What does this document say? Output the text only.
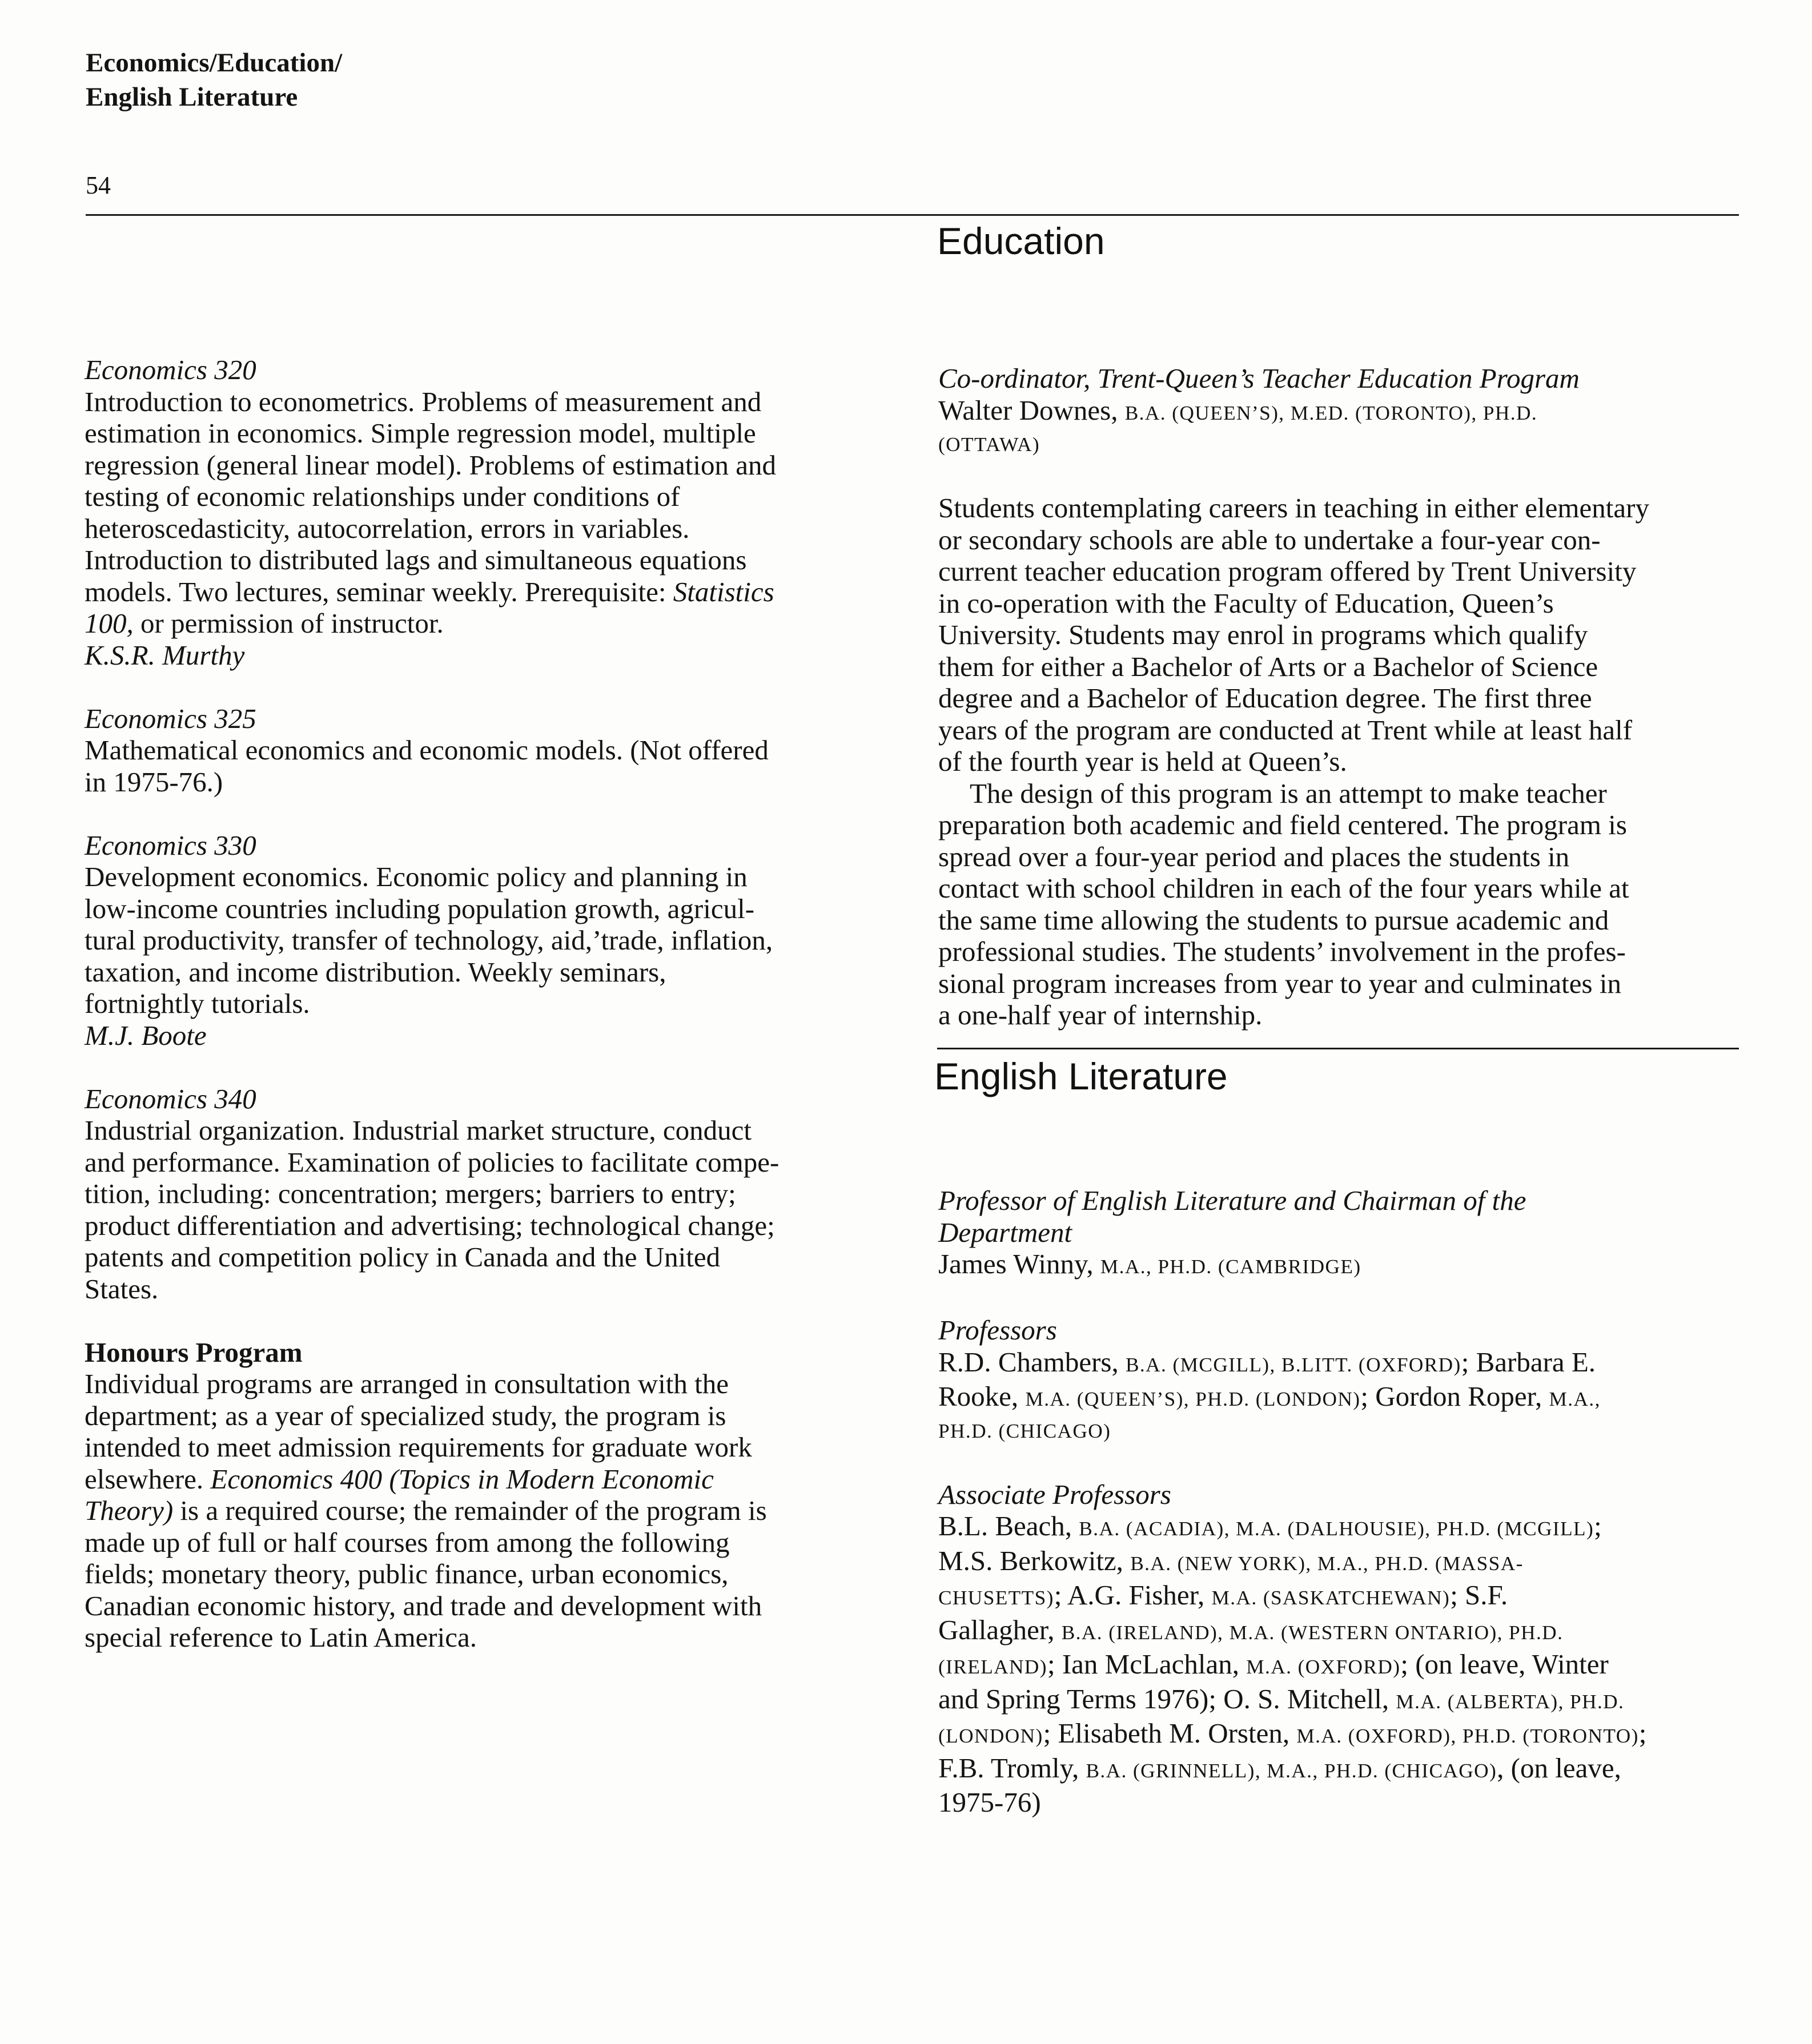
Economics/Education/
English Literature
54
Education

Economics 320

Introduction to econometrics. Problems of measurement and

estimation in economics. Simple regression model, multiple

regression (general linear model). Problems of estimation and

testing of economic relationships under conditions of

heteroscedasticity, autocorrelation, errors in variables.

Introduction to distributed lags and simultaneous equations

models. Two lectures, seminar weekly. Prerequisite: Statistics

100, or permission of instructor.

K.S.R. Murthy

Economics 325

Mathematical economics and economic models. (Not offered

in 1975-76.)

Economics 330

Development economics. Economic policy and planning in

low-income countries including population growth, agricul-

tural productivity, transfer of technology, aid,’trade, inflation,

taxation, and income distribution. Weekly seminars,

fortnightly tutorials.

M.J. Boote

Economics 340

Industrial organization. Industrial market structure, conduct

and performance. Examination of policies to facilitate compe-

tition, including: concentration; mergers; barriers to entry;

product differentiation and advertising; technological change;

patents and competition policy in Canada and the United

States.

Honours Program

Individual programs are arranged in consultation with the

department; as a year of specialized study, the program is

intended to meet admission requirements for graduate work

elsewhere. Economics 400 (Topics in Modern Economic

Theory) is a required course; the remainder of the program is

made up of full or half courses from among the following

fields; monetary theory, public finance, urban economics,

Canadian economic history, and trade and development with

special reference to Latin America.

Co-ordinator, Trent-Queen’s Teacher Education Program

Walter Downes, B.A. (QUEEN’S), M.ED. (TORONTO), PH.D.

(OTTAWA)

Students contemplating careers in teaching in either elementary

or secondary schools are able to undertake a four-year con-

current teacher education program offered by Trent University

in co-operation with the Faculty of Education, Queen’s

University. Students may enrol in programs which qualify

them for either a Bachelor of Arts or a Bachelor of Science

degree and a Bachelor of Education degree. The first three

years of the program are conducted at Trent while at least half

of the fourth year is held at Queen’s.

The design of this program is an attempt to make teacher

preparation both academic and field centered. The program is

spread over a four-year period and places the students in

contact with school children in each of the four years while at

the same time allowing the students to pursue academic and

professional studies. The students’ involvement in the profes-

sional program increases from year to year and culminates in

a one-half year of internship.

English Literature

Professor of English Literature and Chairman of the

Department

James Winny, M.A., PH.D. (CAMBRIDGE)

Professors

R.D. Chambers, B.A. (MCGILL), B.LITT. (OXFORD); Barbara E.

Rooke, M.A. (QUEEN’S), PH.D. (LONDON); Gordon Roper, M.A.,

PH.D. (CHICAGO)

Associate Professors

B.L. Beach, B.A. (ACADIA), M.A. (DALHOUSIE), PH.D. (MCGILL);

M.S. Berkowitz, B.A. (NEW YORK), M.A., PH.D. (MASSA-

CHUSETTS); A.G. Fisher, M.A. (SASKATCHEWAN); S.F.

Gallagher, B.A. (IRELAND), M.A. (WESTERN ONTARIO), PH.D.

(IRELAND); Ian McLachlan, M.A. (OXFORD); (on leave, Winter

and Spring Terms 1976); O. S. Mitchell, M.A. (ALBERTA), PH.D.

(LONDON); Elisabeth M. Orsten, M.A. (OXFORD), PH.D. (TORONTO);

F.B. Tromly, B.A. (GRINNELL), M.A., PH.D. (CHICAGO), (on leave,

1975-76)
